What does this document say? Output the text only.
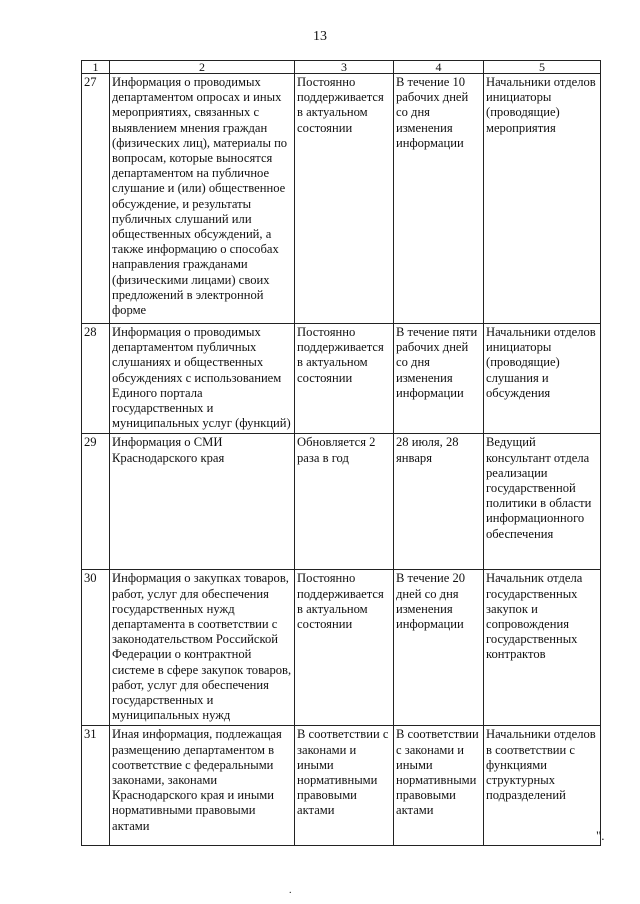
13
1	2	3	4	5
27	Информация о проводимых департаментом опросах и иных мероприятиях, связанных с выявлением мнения граждан (физических лиц), материалы по вопросам, которые выносятся департаментом на публичное слушание и (или) общественное обсуждение, и результаты публичных слушаний или общественных обсуждений, а также информацию о способах направления гражданами (физическими лицами) своих предложений в электронной форме	Постоянно поддерживается в актуальном состоянии	В течение 10 рабочих дней со дня изменения информации	Начальники отделов инициаторы (проводящие) мероприятия
28	Информация о проводимых департаментом публичных слушаниях и общественных обсуждениях с использованием Единого портала государственных и муниципальных услуг (функций)	Постоянно поддерживается в актуальном состоянии	В течение пяти рабочих дней со дня изменения информации	Начальники отделов инициаторы (проводящие) слушания и обсуждения
29	Информация о СМИ Краснодарского края	Обновляется 2 раза в год	28 июля, 28 января	Ведущий консультант отдела реализации государственной политики в области информационного обеспечения
30	Информация о закупках товаров, работ, услуг для обеспечения государственных нужд департамента в соответствии с законодательством Российской Федерации о контрактной системе в сфере закупок товаров, работ, услуг для обеспечения государственных и муниципальных нужд	Постоянно поддерживается в актуальном состоянии	В течение 20 дней со дня изменения информации	Начальник отдела государственных закупок и сопровождения государственных контрактов
31	Иная информация, подлежащая размещению департаментом в соответствие с федеральными законами, законами Краснодарского края и иными нормативными правовыми актами	В соответствии с законами и иными нормативными правовыми актами	В соответствии с законами и иными нормативными правовыми актами	Начальники отделов в соответствии с функциями структурных подразделений
".
.
